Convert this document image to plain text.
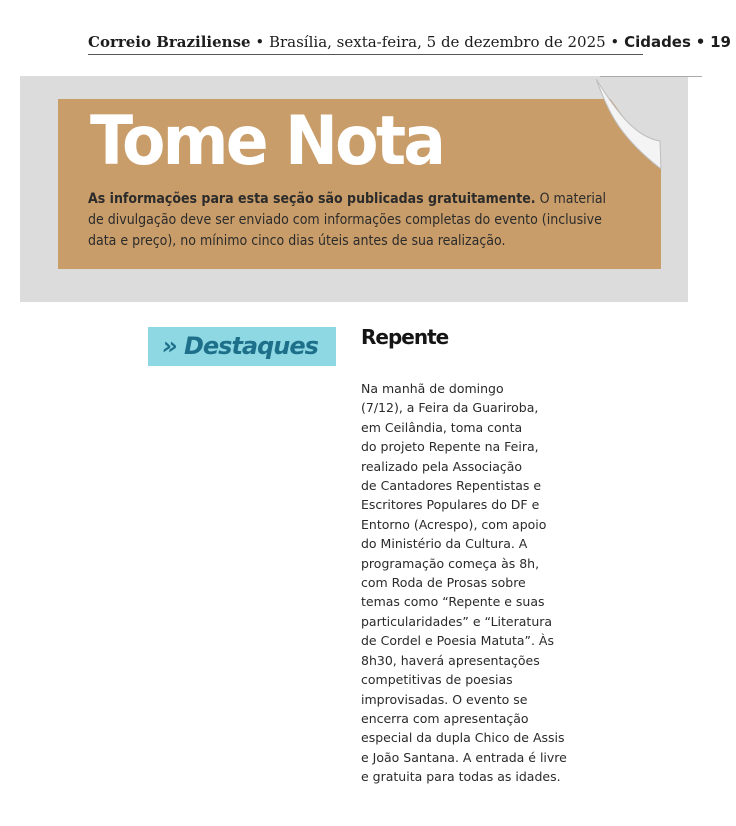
Correio Braziliense • Brasília, sexta-feira, 5 de dezembro de 2025 • Cidades • 19
Tome Nota
As informações para esta seção são publicadas gratuitamente. O material de divulgação deve ser enviado com informações completas do evento (inclusive data e preço), no mínimo cinco dias úteis antes de sua realização.
» Destaques Repente
Na manhã de domingo
(7/12), a Feira da Guariroba,
em Ceilândia, toma conta
do projeto Repente na Feira,
realizado pela Associação
de Cantadores Repentistas e
Escritores Populares do DF e
Entorno (Acrespo), com apoio
do Ministério da Cultura. A
programação começa às 8h,
com Roda de Prosas sobre
temas como “Repente e suas
particularidades” e “Literatura
de Cordel e Poesia Matuta”. Às
8h30, haverá apresentações
competitivas de poesias
improvisadas. O evento se
encerra com apresentação
especial da dupla Chico de Assis
e João Santana. A entrada é livre
e gratuita para todas as idades.
